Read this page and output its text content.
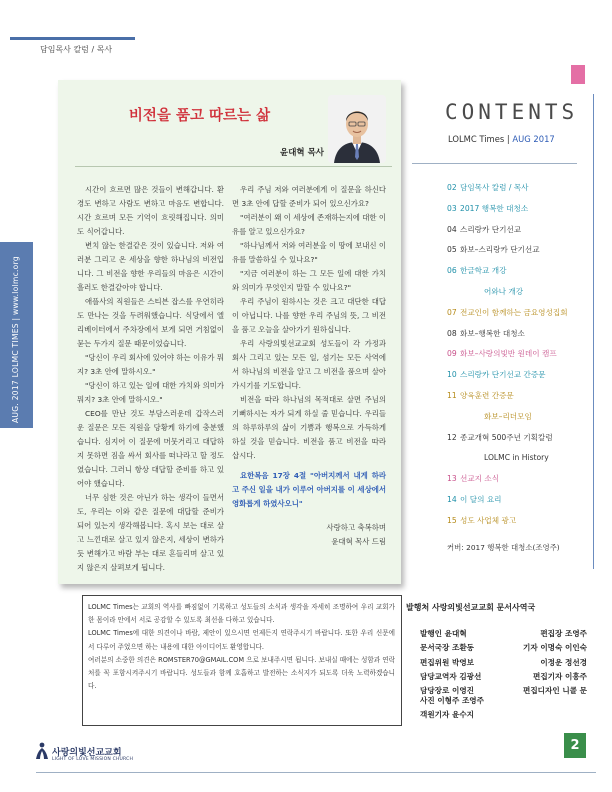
담임목사 칼럼 / 목사
AUG. 2017 LOLMC TIMES | www.lolmc.org
비전을 품고 따르는 삶
윤대혁 목사

시간이 흐르면 많은 것들이 변해갑니다. 환경도 변하고 사람도 변하고 마음도 변합니다. 시간 흐르며 모든 기억이 흐릿해집니다. 의미도 식어갑니다.

변치 않는 한결같은 것이 있습니다. 저와 여러분 그리고 온 세상을 향한 하나님의 비전입니다. 그 비전을 향한 우리들의 마음은 시간이 흘러도 한결같아야 합니다.

애플사의 직원들은 스티븐 잡스를 우연히라도 만나는 것을 두려워했습니다. 식당에서 엘리베이터에서 주차장에서 보게 되면 거침없이 묻는 두가지 질문 때문이었습니다.

"당신이 우리 회사에 있어야 하는 이유가 뭐지? 3초 안에 말하시오."

"당신이 하고 있는 일에 대한 가치와 의미가 뭐지? 3초 안에 말하시오."

CEO를 만난 것도 부담스러운데 갑작스러운 질문은 모든 직원을 당황케 하기에 충분했습니다. 심지어 이 질문에 머뭇거리고 대답하지 못하면 짐을 싸서 회사를 떠나라고 할 정도였습니다. 그러니 항상 대답할 준비를 하고 있어야 했습니다.

너무 심한 것은 아닌가 하는 생각이 들면서도, 우리는 이와 같은 질문에 대답할 준비가 되어 있는지 생각해봅니다. 혹시 보는 대로 살고 느낀대로 살고 있지 않은지, 세상이 변하가듯 변해가고 바람 부는 대로 흔들리며 살고 있지 않은지 살펴보게 됩니다.

우리 주님 저와 여러분에게 이 질문을 하신다면 3초 안에 답할 준비가 되어 있으신가요?

"여러분이 왜 이 세상에 존재하는지에 대한 이유를 알고 있으신가요?

"하나님께서 저와 여러분을 이 땅에 보내신 이유를 말씀하실 수 있나요?"

"지금 여러분이 하는 그 모든 일에 대한 가치와 의미가 무엇인지 말할 수 있나요?"

우리 주님이 원하시는 것은 크고 대단한 대답이 아닙니다. 나를 향한 우리 주님의 뜻, 그 비전을 품고 오늘을 살아가기 원하십니다.

우리 사랑의빛선교교회 성도들이 각 가정과 회사 그리고 있는 모든 일, 섬기는 모든 사역에서 하나님의 비전을 알고 그 비전을 품으며 살아가시기를 기도합니다.

비전을 따라 하나님의 목적대로 살면 주님의 기뻐하시는 자가 되게 하실 줄 믿습니다. 우리들의 하루하루의 삶이 기쁨과 행복으로 가득하게 하실 것을 믿습니다. 비전을 품고 비전을 따라 삽시다.

요한복음 17장 4절 "아버지께서 내게 하라고 주신 일을 내가 이루어 아버지를 이 세상에서 영화롭게 하였사오니"

사랑하고 축복하며

윤대혁 목사 드림

CONTENTS
LOLMC Times | AUG 2017
02 담임목사 칼럼 / 목사
03 2017 행복한 대청소
04 스리랑카 단기선교
05 화보–스리랑카 단기선교
06 한글학교 개강
어와나 개강
07 전교인이 함께하는 금요영성집회
08 화보–행복한 대청소
09 화보–사랑의빛반 원데이 캠프
10 스리랑카 단기선교 간증문
11 양육훈련 간증문
화보–리더모임
12 종교개혁 500주년 기획칼럼
LOLMC in History
13 선교지 소식
14 이 달의 요리
15 성도 사업체 광고
커버: 2017 행복한 대청소(조영주)

LOLMC Times는 교회의 역사를 빠짐없이 기록하고 성도들의 소식과 생각을 자세히 조명하여 우리 교회가 한 몸이라 안에서 서로 공감할 수 있도록 최선을 다하고 있습니다.

LOLMC Times에 대한 의견이나 바람, 제안이 있으시면 언제든지 연락주시기 바랍니다. 또한 우리 신문에서 다루어 주었으면 하는 내용에 대한 아이디어도 환영합니다.

여러분의 소중한 의견은 ROMSTER70@GMAIL.COM 으로 보내주시면 됩니다. 보내실 때에는 성함과 연락처를 꼭 포함시켜주시기 바랍니다. 성도들과 함께 호흡하고 발전하는 소식지가 되도록 더욱 노력하겠습니다.

발행처 사랑의빛선교교회 문서사역국
발행인 윤대혁
문서국장 조환동
편집위원 박영보
담당교역자 김광선
담당장로 이영진
편집장 조영주
기자 이명숙 이인숙
이정운 정선경
편집기자 이흥주
편집디자인 니콜 문
사진 이형주 조영주
객원기자 윤수지
사랑의빛선교교회
LIGHT OF LOVE MISSION CHURCH
2
